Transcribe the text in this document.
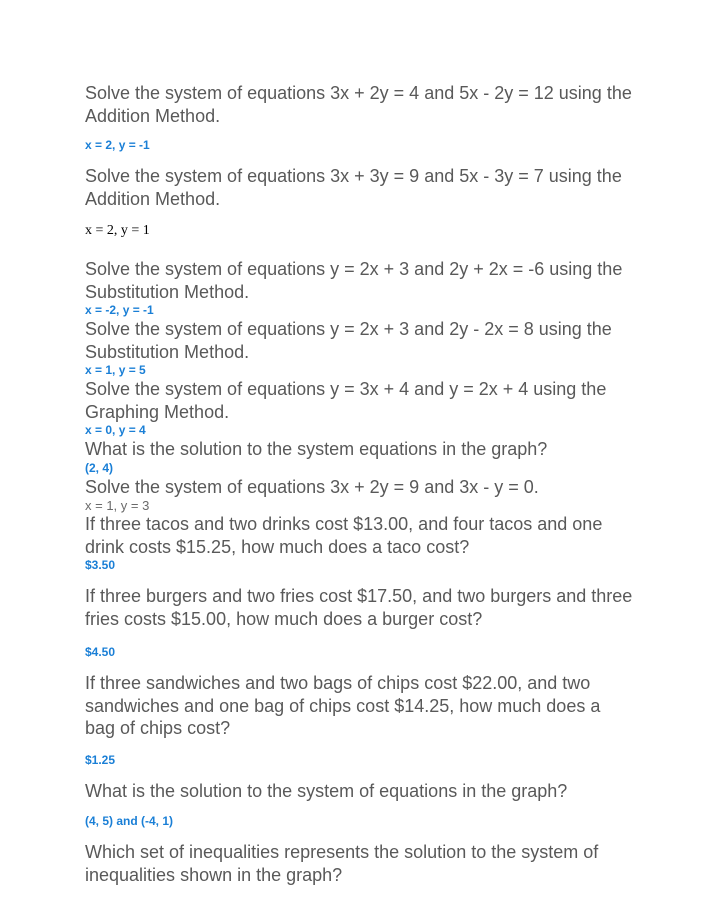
Solve the system of equations 3x + 2y = 4 and 5x - 2y = 12 using the Addition Method.

x = 2, y = -1

Solve the system of equations 3x + 3y = 9 and 5x - 3y = 7 using the Addition Method.

x = 2, y = 1

Solve the system of equations y = 2x + 3 and 2y + 2x = -6 using the Substitution Method.

x = -2, y = -1

Solve the system of equations y = 2x + 3 and 2y - 2x = 8 using the Substitution Method.

x = 1, y = 5

Solve the system of equations y = 3x + 4 and y = 2x + 4 using the Graphing Method.

x = 0, y = 4

What is the solution to the system equations in the graph?

(2, 4)

Solve the system of equations 3x + 2y = 9 and 3x - y = 0.

x = 1, y = 3

If three tacos and two drinks cost $13.00, and four tacos and one drink costs $15.25, how much does a taco cost?

$3.50

If three burgers and two fries cost $17.50, and two burgers and three fries costs $15.00, how much does a burger cost?

$4.50

If three sandwiches and two bags of chips cost $22.00, and two sandwiches and one bag of chips cost $14.25, how much does a bag of chips cost?

$1.25

What is the solution to the system of equations in the graph?

(4, 5) and (-4, 1)

Which set of inequalities represents the solution to the system of inequalities shown in the graph?
